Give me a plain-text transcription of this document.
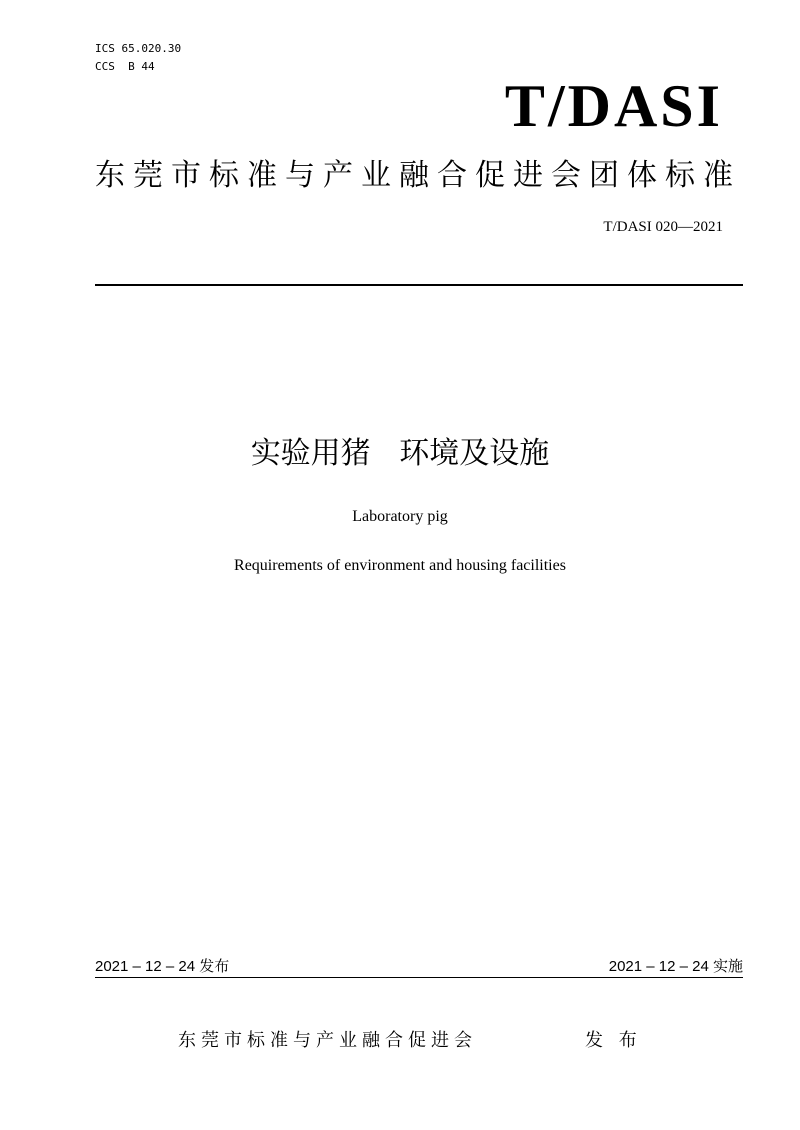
ICS 65.020.30
CCS  B 44
T/DASI
东莞市标准与产业融合促进会团体标准
T/DASI 020—2021
实验用猪   环境及设施
Laboratory pig
Requirements of environment and housing facilities
2021 – 12 – 24 发布	2021 – 12 – 24 实施
东莞市标准与产业融合促进会	发 布
